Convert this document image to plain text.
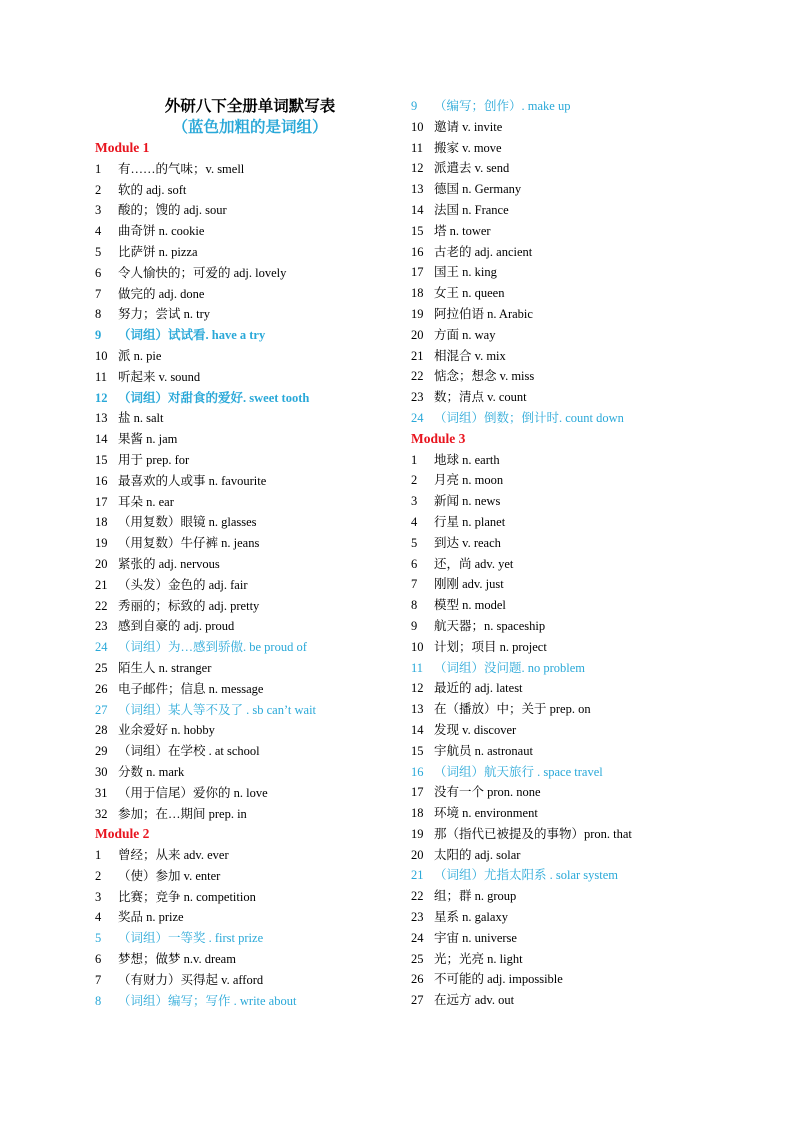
外研八下全册单词默写表
（蓝色加粗的是词组）
Module 1
1 有……的气味；v. smell
2 软的 adj. soft
3 酸的；馊的 adj. sour
4 曲奇饼 n. cookie
5 比萨饼 n. pizza
6 令人愉快的；可爱的 adj. lovely
7 做完的 adj. done
8 努力；尝试 n. try
9 （词组）试试看. have a try
10 派 n. pie
11 听起来 v. sound
12 （词组）对甜食的爱好. sweet tooth
13 盐 n. salt
14 果酱 n. jam
15 用于 prep. for
16 最喜欢的人或事 n. favourite
17 耳朵 n. ear
18 （用复数）眼镜 n. glasses
19 （用复数）牛仔裤 n. jeans
20 紧张的 adj. nervous
21 （头发）金色的 adj. fair
22 秀丽的；标致的 adj. pretty
23 感到自豪的 adj. proud
24 （词组）为…感到骄傲. be proud of
25 陌生人 n. stranger
26 电子邮件；信息 n. message
27 （词组）某人等不及了 . sb can’t wait
28 业余爱好 n. hobby
29 （词组）在学校 . at school
30 分数 n. mark
31 （用于信尾）爱你的 n. love
32 参加；在…期间 prep. in
Module 2
1 曾经；从来 adv. ever
2 （使）参加 v. enter
3 比赛；竞争 n. competition
4 奖品 n. prize
5 （词组）一等奖 . first prize
6 梦想；做梦 n.v. dream
7 （有财力）买得起 v. afford
8 （词组）编写；写作 . write about
9 （编写；创作）. make up
10 邀请 v. invite
11 搬家 v. move
12 派遣去 v. send
13 德国 n. Germany
14 法国 n. France
15 塔 n. tower
16 古老的 adj. ancient
17 国王 n. king
18 女王 n. queen
19 阿拉伯语 n. Arabic
20 方面 n. way
21 相混合 v. mix
22 惦念；想念 v. miss
23 数；清点 v. count
24 （词组）倒数；倒计时. count down
Module 3
1 地球 n. earth
2 月亮 n. moon
3 新闻 n. news
4 行星 n. planet
5 到达 v. reach
6 还，尚 adv. yet
7 刚刚 adv. just
8 模型 n. model
9 航天器；n. spaceship
10 计划；项目 n. project
11 （词组）没问题. no problem
12 最近的 adj. latest
13 在（播放）中；关于 prep. on
14 发现 v. discover
15 宇航员 n. astronaut
16 （词组）航天旅行 . space travel
17 没有一个 pron. none
18 环境 n. environment
19 那（指代已被提及的事物）pron. that
20 太阳的 adj. solar
21 （词组）尤指太阳系 . solar system
22 组；群 n. group
23 星系 n. galaxy
24 宇宙 n. universe
25 光；光亮 n. light
26 不可能的 adj. impossible
27 在远方 adv. out
